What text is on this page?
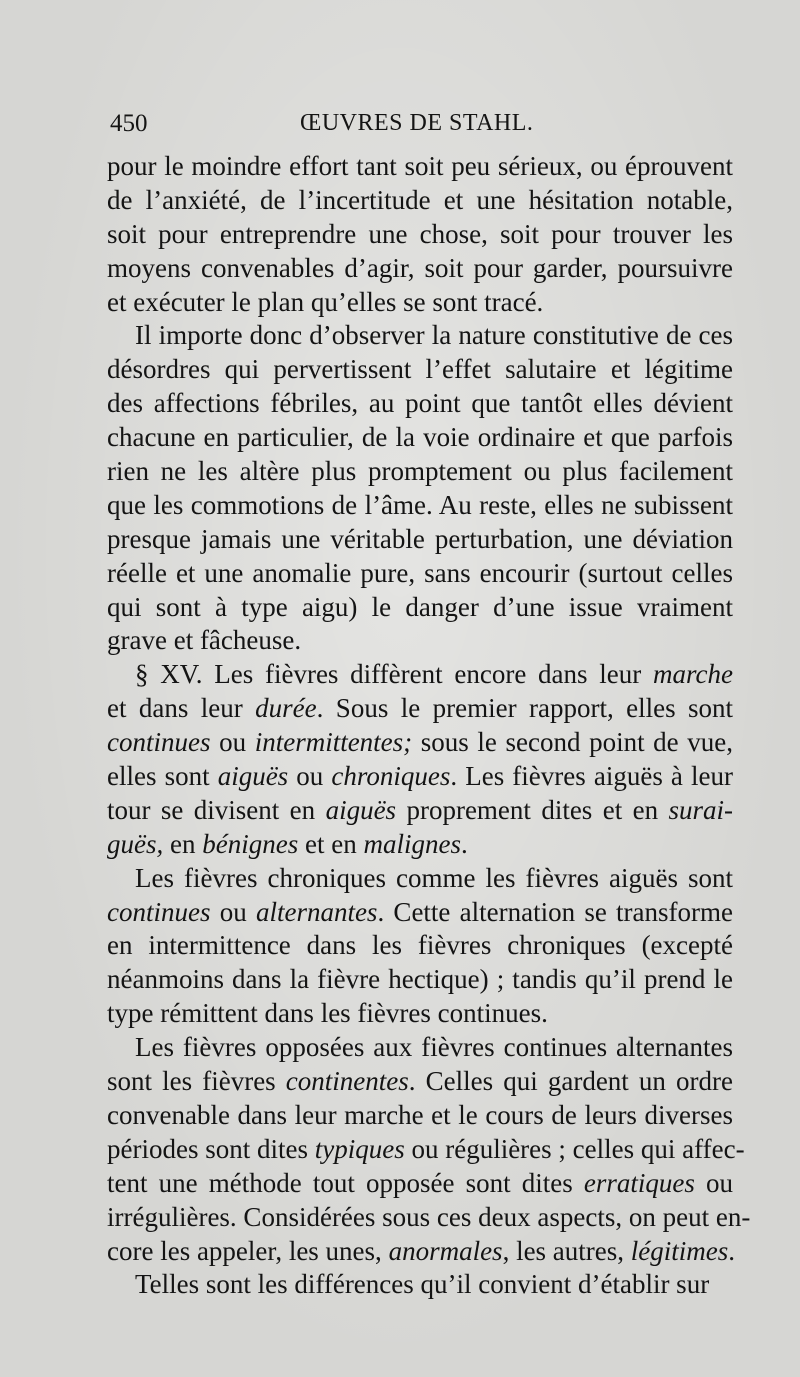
450	ŒUVRES DE STAHL.
pour le moindre effort tant soit peu sérieux, ou éprouvent
de l’anxiété, de l’incertitude et une hésitation notable,
soit pour entreprendre une chose, soit pour trouver les
moyens convenables d’agir, soit pour garder, poursuivre
et exécuter le plan qu’elles se sont tracé.
Il importe donc d’observer la nature constitutive de ces
désordres qui pervertissent l’effet salutaire et légitime
des affections fébriles, au point que tantôt elles dévient
chacune en particulier, de la voie ordinaire et que parfois
rien ne les altère plus promptement ou plus facilement
que les commotions de l’âme. Au reste, elles ne subissent
presque jamais une véritable perturbation, une déviation
réelle et une anomalie pure, sans encourir (surtout celles
qui sont à type aigu) le danger d’une issue vraiment
grave et fâcheuse.
§ XV. Les fièvres diffèrent encore dans leur marche
et dans leur durée. Sous le premier rapport, elles sont
continues ou intermittentes; sous le second point de vue,
elles sont aiguës ou chroniques. Les fièvres aiguës à leur
tour se divisent en aiguës proprement dites et en surai-
guës, en bénignes et en malignes.
Les fièvres chroniques comme les fièvres aiguës sont
continues ou alternantes. Cette alternation se transforme
en intermittence dans les fièvres chroniques (excepté
néanmoins dans la fièvre hectique) ; tandis qu’il prend le
type rémittent dans les fièvres continues.
Les fièvres opposées aux fièvres continues alternantes
sont les fièvres continentes. Celles qui gardent un ordre
convenable dans leur marche et le cours de leurs diverses
périodes sont dites typiques ou régulières ; celles qui affec-
tent une méthode tout opposée sont dites erratiques ou
irrégulières. Considérées sous ces deux aspects, on peut en-
core les appeler, les unes, anormales, les autres, légitimes.
Telles sont les différences qu’il convient d’établir sur
